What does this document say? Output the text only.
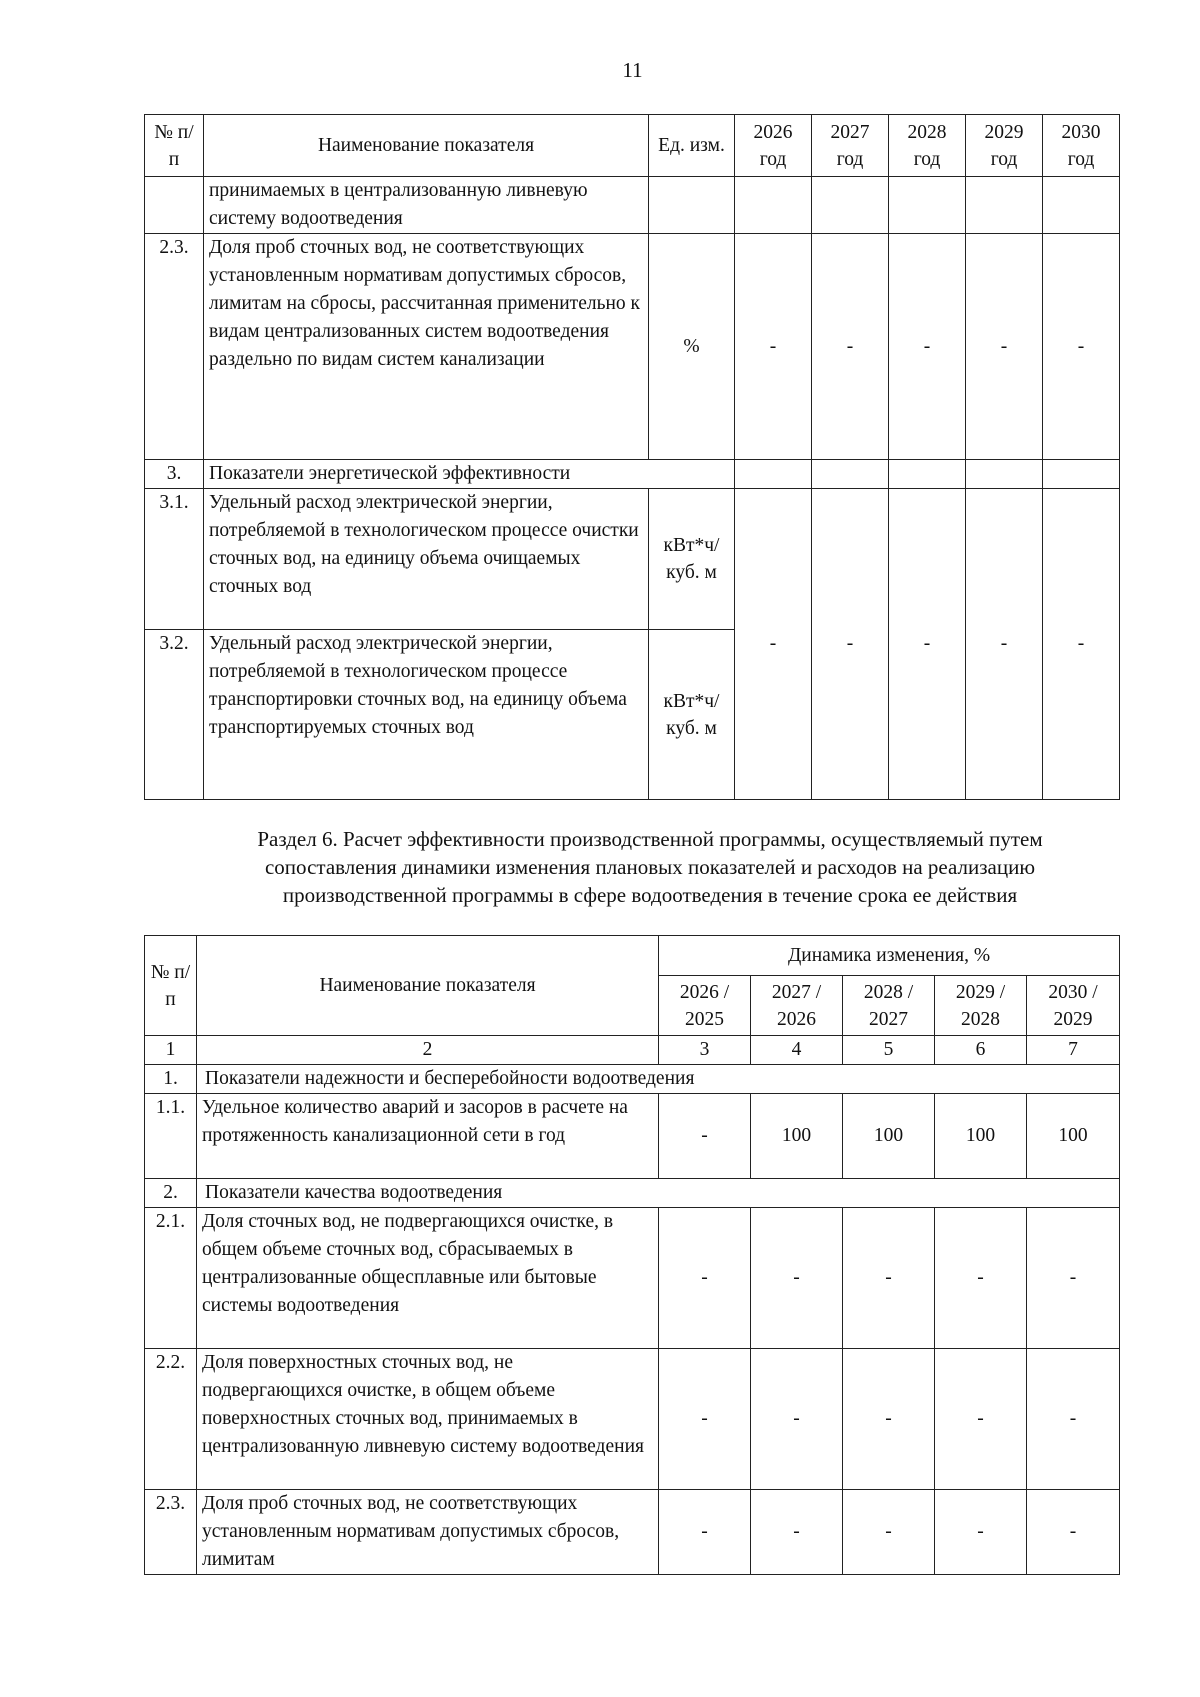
11
№ п/п	Наименование показателя	Ед. изм.	2026 год	2027 год	2028 год	2029 год	2030 год
	принимаемых в централизованную ливневую систему водоотведения						
2.3.	Доля проб сточных вод, не соответствующих установленным нормативам допустимых сбросов, лимитам на сбросы, рассчитанная применительно к видам централизованных систем водоотведения раздельно по видам систем канализации	%	-	-	-	-	-
3.	Показатели энергетической эффективности						
3.1.	Удельный расход электрической энергии, потребляемой в технологическом процессе очистки сточных вод, на единицу объема очищаемых сточных вод	кВт*ч/ куб. м	-	-	-	-	-
3.2.	Удельный расход электрической энергии, потребляемой в технологическом процессе транспортировки сточных вод, на единицу объема транспортируемых сточных вод	кВт*ч/ куб. м					
Раздел 6. Расчет эффективности производственной программы, осуществляемый путем
сопоставления динамики изменения плановых показателей и расходов на реализацию
производственной программы в сфере водоотведения в течение срока ее действия
№ п/п	Наименование показателя	Динамика изменения, %				
		2026 / 2025	2027 / 2026	2028 / 2027	2029 / 2028	2030 / 2029
1	2	3	4	5	6	7
1.	Показатели надежности и бесперебойности водоотведения					
1.1.	Удельное количество аварий и засоров в расчете на протяженность канализационной сети в год	-	100	100	100	100
2.	Показатели качества водоотведения					
2.1.	Доля сточных вод, не подвергающихся очистке, в общем объеме сточных вод, сбрасываемых в централизованные общесплавные или бытовые системы водоотведения	-	-	-	-	-
2.2.	Доля поверхностных сточных вод, не подвергающихся очистке, в общем объеме поверхностных сточных вод, принимаемых в централизованную ливневую систему водоотведения	-	-	-	-	-
2.3.	Доля проб сточных вод, не соответствующих установленным нормативам допустимых сбросов, лимитам	-	-	-	-	-
